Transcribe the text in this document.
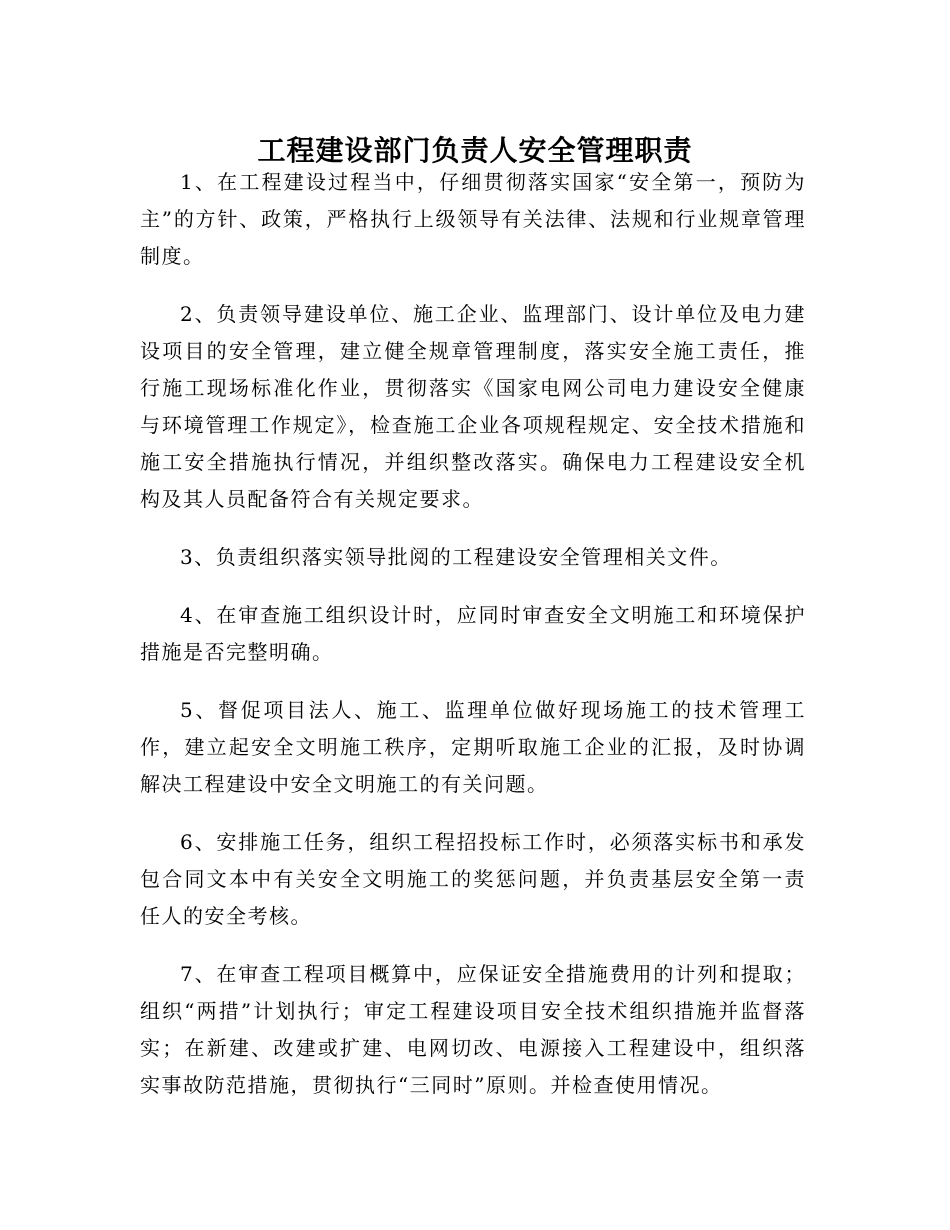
工程建设部门负责人安全管理职责

1、在工程建设过程当中，仔细贯彻落实国家“安全第一，预防为主”的方针、政策，严格执行上级领导有关法律、法规和行业规章管理制度。

2、负责领导建设单位、施工企业、监理部门、设计单位及电力建设项目的安全管理，建立健全规章管理制度，落实安全施工责任，推行施工现场标准化作业，贯彻落实《国家电网公司电力建设安全健康与环境管理工作规定》，检查施工企业各项规程规定、安全技术措施和施工安全措施执行情况，并组织整改落实。确保电力工程建设安全机构及其人员配备符合有关规定要求。

3、负责组织落实领导批阅的工程建设安全管理相关文件。

4、在审查施工组织设计时，应同时审查安全文明施工和环境保护措施是否完整明确。

5、督促项目法人、施工、监理单位做好现场施工的技术管理工作，建立起安全文明施工秩序，定期听取施工企业的汇报，及时协调解决工程建设中安全文明施工的有关问题。

6、安排施工任务，组织工程招投标工作时，必须落实标书和承发包合同文本中有关安全文明施工的奖惩问题，并负责基层安全第一责任人的安全考核。

7、在审查工程项目概算中，应保证安全措施费用的计列和提取；组织“两措”计划执行；审定工程建设项目安全技术组织措施并监督落实；在新建、改建或扩建、电网切改、电源接入工程建设中，组织落实事故防范措施，贯彻执行“三同时”原则。并检查使用情况。
